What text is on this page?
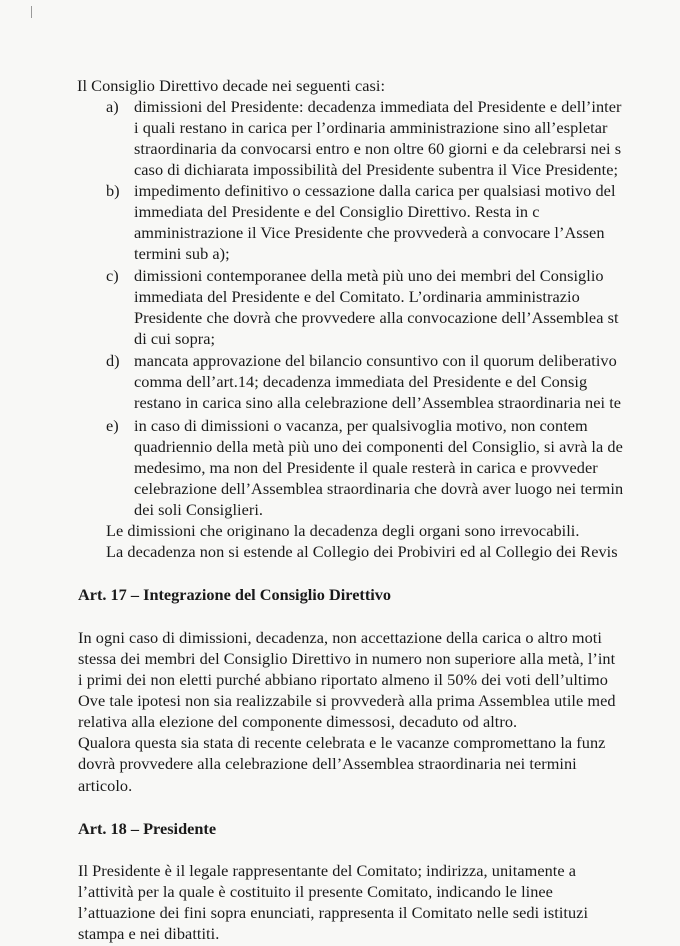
Il Consiglio Direttivo decade nei seguenti casi:
a) dimissioni del Presidente: decadenza immediata del Presidente e dell’inter
i quali restano in carica per l’ordinaria amministrazione sino all’espletar
straordinaria da convocarsi entro e non oltre 60 giorni e da celebrarsi nei s
caso di dichiarata impossibilità del Presidente subentra il Vice Presidente;
b) impedimento definitivo o cessazione dalla carica per qualsiasi motivo del
immediata del Presidente e del Consiglio Direttivo. Resta in c
amministrazione il Vice Presidente che provvederà a convocare l’Assen
termini sub a);
c) dimissioni contemporanee della metà più uno dei membri del Consiglio
immediata del Presidente e del Comitato. L’ordinaria amministrazio
Presidente che dovrà che provvedere alla convocazione dell’Assemblea st
di cui sopra;
d) mancata approvazione del bilancio consuntivo con il quorum deliberativo
comma dell’art.14; decadenza immediata del Presidente e del Consig
restano in carica sino alla celebrazione dell’Assemblea straordinaria nei te
e) in caso di dimissioni o vacanza, per qualsivoglia motivo, non contem
quadriennio della metà più uno dei componenti del Consiglio, si avrà la de
medesimo, ma non del Presidente il quale resterà in carica e provveder
celebrazione dell’Assemblea straordinaria che dovrà aver luogo nei termin
dei soli Consiglieri.
Le dimissioni che originano la decadenza degli organi sono irrevocabili.
La decadenza non si estende al Collegio dei Probiviri ed al Collegio dei Revis
Art. 17 – Integrazione del Consiglio Direttivo
In ogni caso di dimissioni, decadenza, non accettazione della carica o altro moti
stessa dei membri del Consiglio Direttivo in numero non superiore alla metà, l’int
i primi dei non eletti purché abbiano riportato almeno il 50% dei voti dell’ultimo
Ove tale ipotesi non sia realizzabile si provvederà alla prima Assemblea utile med
relativa alla elezione del componente dimessosi, decaduto od altro.
Qualora questa sia stata di recente celebrata e le vacanze compromettano la funz
dovrà provvedere alla celebrazione dell’Assemblea straordinaria nei termini
articolo.
Art. 18 – Presidente
Il Presidente è il legale rappresentante del Comitato; indirizza, unitamente a
l’attività per la quale è costituito il presente Comitato, indicando le linee
l’attuazione dei fini sopra enunciati, rappresenta il Comitato nelle sedi istituzi
stampa e nei dibattiti.
